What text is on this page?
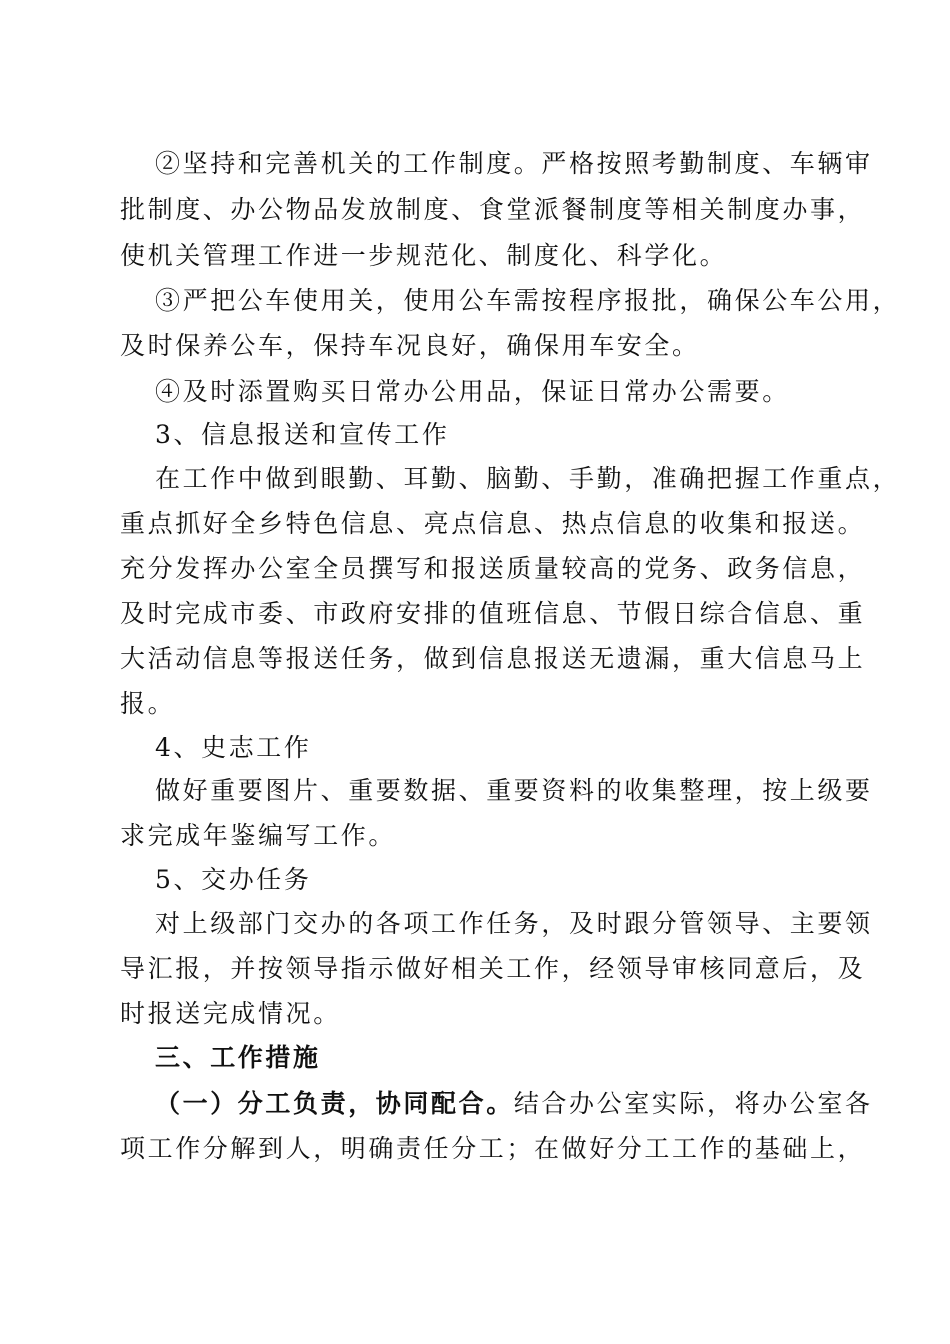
②坚持和完善机关的工作制度。严格按照考勤制度、车辆审
批制度、办公物品发放制度、食堂派餐制度等相关制度办事，
使机关管理工作进一步规范化、制度化、科学化。
③严把公车使用关，使用公车需按程序报批，确保公车公用，
及时保养公车，保持车况良好，确保用车安全。
④及时添置购买日常办公用品，保证日常办公需要。
3、信息报送和宣传工作
在工作中做到眼勤、耳勤、脑勤、手勤，准确把握工作重点，
重点抓好全乡特色信息、亮点信息、热点信息的收集和报送。
充分发挥办公室全员撰写和报送质量较高的党务、政务信息，
及时完成市委、市政府安排的值班信息、节假日综合信息、重
大活动信息等报送任务，做到信息报送无遗漏，重大信息马上
报。
4、史志工作
做好重要图片、重要数据、重要资料的收集整理，按上级要
求完成年鉴编写工作。
5、交办任务
对上级部门交办的各项工作任务，及时跟分管领导、主要领
导汇报，并按领导指示做好相关工作，经领导审核同意后，及
时报送完成情况。
三、工作措施
（一）分工负责，协同配合。结合办公室实际，将办公室各
项工作分解到人，明确责任分工；在做好分工工作的基础上，
